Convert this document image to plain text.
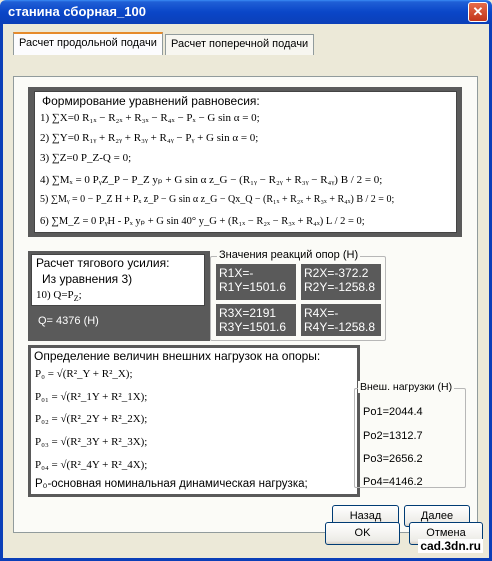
станина сборная_100	✕
Расчет продольной подачи	Расчет поперечной подачи
Формирование уравнений равновесия:
1) ∑X=0 R₁ₓ − R₂ₓ + R₃ₓ − R₄ₓ − Pₓ − G sin α = 0;
2) ∑Y=0 R₁ᵧ + R₂ᵧ + R₃ᵧ + R₄ᵧ − Pᵧ + G sin α = 0;
3) ∑Z=0 P_Z-Q = 0;
4) ∑Mₓ = 0 PᵧZ_P − P_Z yₚ + G sin α z_G − (R₁ᵧ − R₂ᵧ + R₃ᵧ − R₄ᵧ) B / 2 = 0;
5) ∑Mᵧ = 0 − P_Z H + Pₓ z_P − G sin α z_G − Qx_Q − (R₁ₓ + R₂ₓ + R₃ₓ + R₄ₓ) B / 2 = 0;
6) ∑M_Z = 0 PᵧH - Pₓ yₚ + G sin 40° y_G + (R₁ₓ − R₂ₓ − R₃ₓ + R₄ₓ) L / 2 = 0;
Расчет тягового усилия:
Из уравнения 3)
10) $Q=P_Z$;
Q= 4376 (H)
Значения реакций опор (H)
R1X=-
R1Y=1501.6
R2X=-372.2
R2Y=-1258.8
R3X=2191
R3Y=1501.6
R4X=-
R4Y=-1258.8
Определение величин внешних нагрузок на опоры:
P₀ = √(R²_Y + R²_X);
P₀₁ = √(R²_1Y + R²_1X);
P₀₂ = √(R²_2Y + R²_2X);
P₀₃ = √(R²_3Y + R²_3X);
P₀₄ = √(R²_4Y + R²_4X);
P₀-основная номинальная динамическая нагрузка;
Внеш. нагрузки (H)
Po1=2044.4
Po2=1312.7
Po3=2656.2
Po4=4146.2
Назад	Далее
OK	Отмена
cad.3dn.ru
